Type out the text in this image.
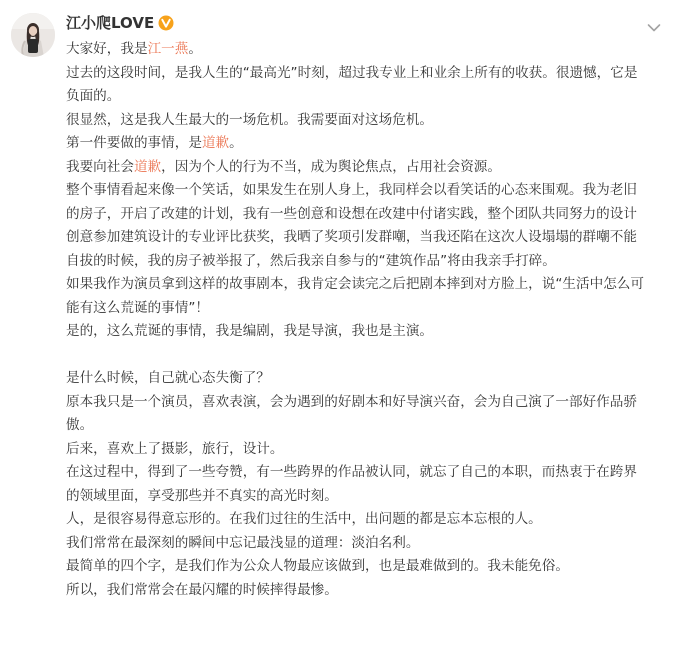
江小爬LOVE

大家好，我是江一燕。

过去的这段时间，是我人生的“最高光”时刻，超过我专业上和业余上所有的收获。很遗憾，它是

负面的。

很显然，这是我人生最大的一场危机。我需要面对这场危机。

第一件要做的事情，是道歉。

我要向社会道歉，因为个人的行为不当，成为舆论焦点，占用社会资源。

整个事情看起来像一个笑话，如果发生在别人身上，我同样会以看笑话的心态来围观。我为老旧

的房子，开启了改建的计划，我有一些创意和设想在改建中付诸实践，整个团队共同努力的设计

创意参加建筑设计的专业评比获奖，我晒了奖项引发群嘲，当我还陷在这次人设塌塌的群嘲不能

自拔的时候，我的房子被举报了，然后我亲自参与的“建筑作品”将由我亲手打碎。

如果我作为演员拿到这样的故事剧本，我肯定会读完之后把剧本摔到对方脸上，说“生活中怎么可

能有这么荒诞的事情”！

是的，这么荒诞的事情，我是编剧，我是导演，我也是主演。

是什么时候，自己就心态失衡了？

原本我只是一个演员，喜欢表演，会为遇到的好剧本和好导演兴奋，会为自己演了一部好作品骄

傲。

后来，喜欢上了摄影，旅行，设计。

在这过程中，得到了一些夸赞，有一些跨界的作品被认同，就忘了自己的本职，而热衷于在跨界

的领域里面，享受那些并不真实的高光时刻。

人，是很容易得意忘形的。在我们过往的生活中，出问题的都是忘本忘根的人。

我们常常在最深刻的瞬间中忘记最浅显的道理：淡泊名利。

最简单的四个字，是我们作为公众人物最应该做到，也是最难做到的。我未能免俗。

所以，我们常常会在最闪耀的时候摔得最惨。
